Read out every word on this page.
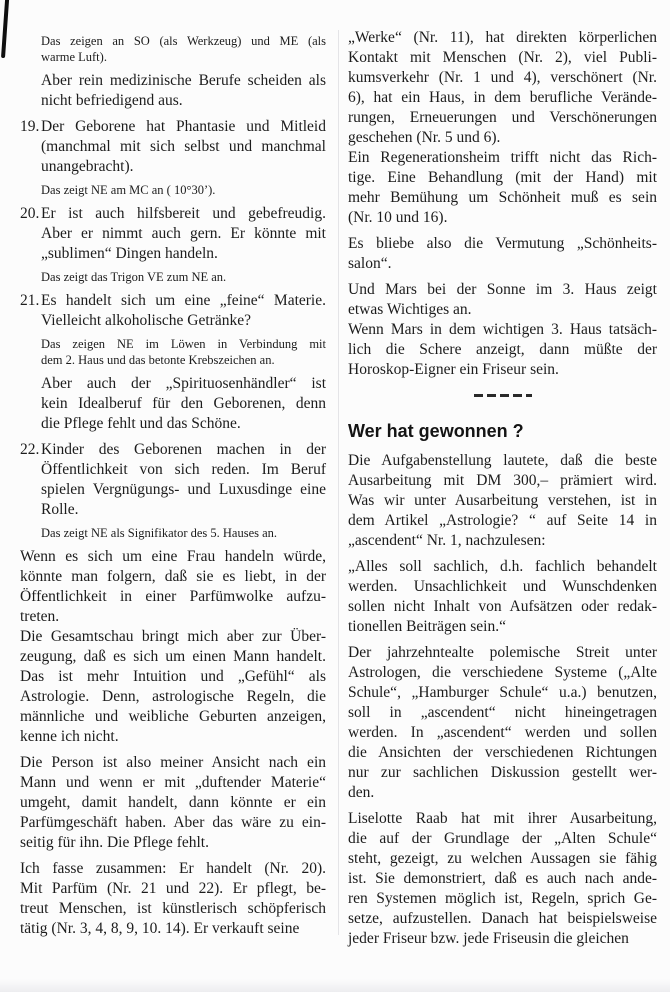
Das zeigen an SO (als Werkzeug) und ME (als
warme Luft).
Aber rein medizinische Berufe scheiden als
nicht befriedigend aus.
19. Der Geborene hat Phantasie und Mitleid
(manchmal mit sich selbst und manchmal
unangebracht).
Das zeigt NE am MC an ( 10°30’).
20. Er ist auch hilfsbereit und gebefreudig.
Aber er nimmt auch gern. Er könnte mit
„sublimen“ Dingen handeln.
Das zeigt das Trigon VE zum NE an.
21. Es handelt sich um eine „feine“ Materie.
Vielleicht alkoholische Getränke?
Das zeigen NE im Löwen in Verbindung mit
dem 2. Haus und das betonte Krebszeichen an.
Aber auch der „Spirituosenhändler“ ist
kein Idealberuf für den Geborenen, denn
die Pflege fehlt und das Schöne.
22. Kinder des Geborenen machen in der
Öffentlichkeit von sich reden. Im Beruf
spielen Vergnügungs- und Luxusdinge eine
Rolle.
Das zeigt NE als Signifikator des 5. Hauses an.
Wenn es sich um eine Frau handeln würde,
könnte man folgern, daß sie es liebt, in der
Öffentlichkeit in einer Parfümwolke aufzu-
treten.
Die Gesamtschau bringt mich aber zur Über-
zeugung, daß es sich um einen Mann handelt.
Das ist mehr Intuition und „Gefühl“ als
Astrologie. Denn, astrologische Regeln, die
männliche und weibliche Geburten anzeigen,
kenne ich nicht.
Die Person ist also meiner Ansicht nach ein
Mann und wenn er mit „duftender Materie“
umgeht, damit handelt, dann könnte er ein
Parfümgeschäft haben. Aber das wäre zu ein-
seitig für ihn. Die Pflege fehlt.
Ich fasse zusammen: Er handelt (Nr. 20).
Mit Parfüm (Nr. 21 und 22). Er pflegt, be-
treut Menschen, ist künstlerisch schöpferisch
tätig (Nr. 3, 4, 8, 9, 10. 14). Er verkauft seine
„Werke“ (Nr. 11), hat direkten körperlichen
Kontakt mit Menschen (Nr. 2), viel Publi-
kumsverkehr (Nr. 1 und 4), verschönert (Nr.
6), hat ein Haus, in dem berufliche Verände-
rungen, Erneuerungen und Verschönerungen
geschehen (Nr. 5 und 6).
Ein Regenerationsheim trifft nicht das Rich-
tige. Eine Behandlung (mit der Hand) mit
mehr Bemühung um Schönheit muß es sein
(Nr. 10 und 16).
Es bliebe also die Vermutung „Schönheits-
salon“.
Und Mars bei der Sonne im 3. Haus zeigt
etwas Wichtiges an.
Wenn Mars in dem wichtigen 3. Haus tatsäch-
lich die Schere anzeigt, dann müßte der
Horoskop-Eigner ein Friseur sein.
Wer hat gewonnen ?
Die Aufgabenstellung lautete, daß die beste
Ausarbeitung mit DM 300,– prämiert wird.
Was wir unter Ausarbeitung verstehen, ist in
dem Artikel „Astrologie? “ auf Seite 14 in
„ascendent“ Nr. 1, nachzulesen:
„Alles soll sachlich, d.h. fachlich behandelt
werden. Unsachlichkeit und Wunschdenken
sollen nicht Inhalt von Aufsätzen oder redak-
tionellen Beiträgen sein.“
Der jahrzehntealte polemische Streit unter
Astrologen, die verschiedene Systeme („Alte
Schule“, „Hamburger Schule“ u.a.) benutzen,
soll in „ascendent“ nicht hineingetragen
werden. In „ascendent“ werden und sollen
die Ansichten der verschiedenen Richtungen
nur zur sachlichen Diskussion gestellt wer-
den.
Liselotte Raab hat mit ihrer Ausarbeitung,
die auf der Grundlage der „Alten Schule“
steht, gezeigt, zu welchen Aussagen sie fähig
ist. Sie demonstriert, daß es auch nach ande-
ren Systemen möglich ist, Regeln, sprich Ge-
setze, aufzustellen. Danach hat beispielsweise
jeder Friseur bzw. jede Friseusin die gleichen
